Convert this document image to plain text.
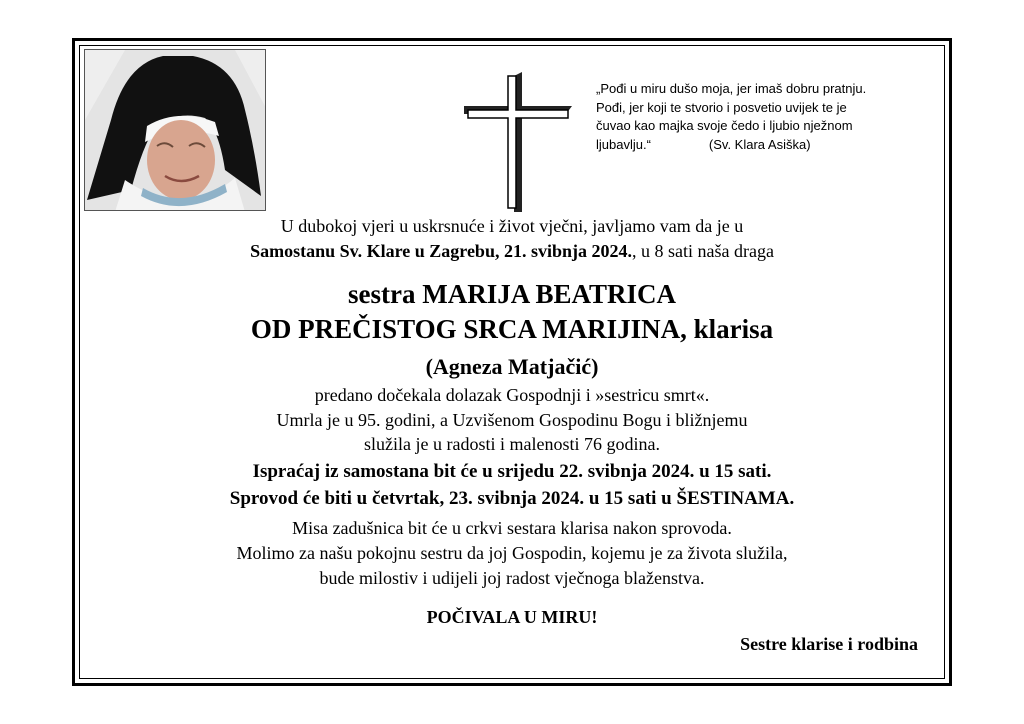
„Pođi u miru dušo moja, jer imaš dobru pratnju.
Pođi, jer koji te stvorio i posvetio uvijek te je
čuvao kao majka svoje čedo i ljubio nježnom
ljubavlju.“	(Sv. Klara Asiška)
U dubokoj vjeri u uskrsnuće i život vječni, javljamo vam da je u
Samostanu Sv. Klare u Zagrebu, 21. svibnja 2024., u 8 sati naša draga
sestra MARIJA BEATRICA
OD PREČISTOG SRCA MARIJINA, klarisa
(Agneza Matjačić)
predano dočekala dolazak Gospodnji i »sestricu smrt«.
Umrla je u 95. godini, a Uzvišenom Gospodinu Bogu i bližnjemu
služila je u radosti i malenosti 76 godina.
Ispraćaj iz samostana bit će u srijedu 22. svibnja 2024. u 15 sati.
Sprovod će biti u četvrtak, 23. svibnja 2024. u 15 sati u ŠESTINAMA.
Misa zadušnica bit će u crkvi sestara klarisa nakon sprovoda.
Molimo za našu pokojnu sestru da joj Gospodin, kojemu je za života služila,
bude milostiv i udijeli joj radost vječnoga blaženstva.
POČIVALA U MIRU!
Sestre klarise i rodbina
